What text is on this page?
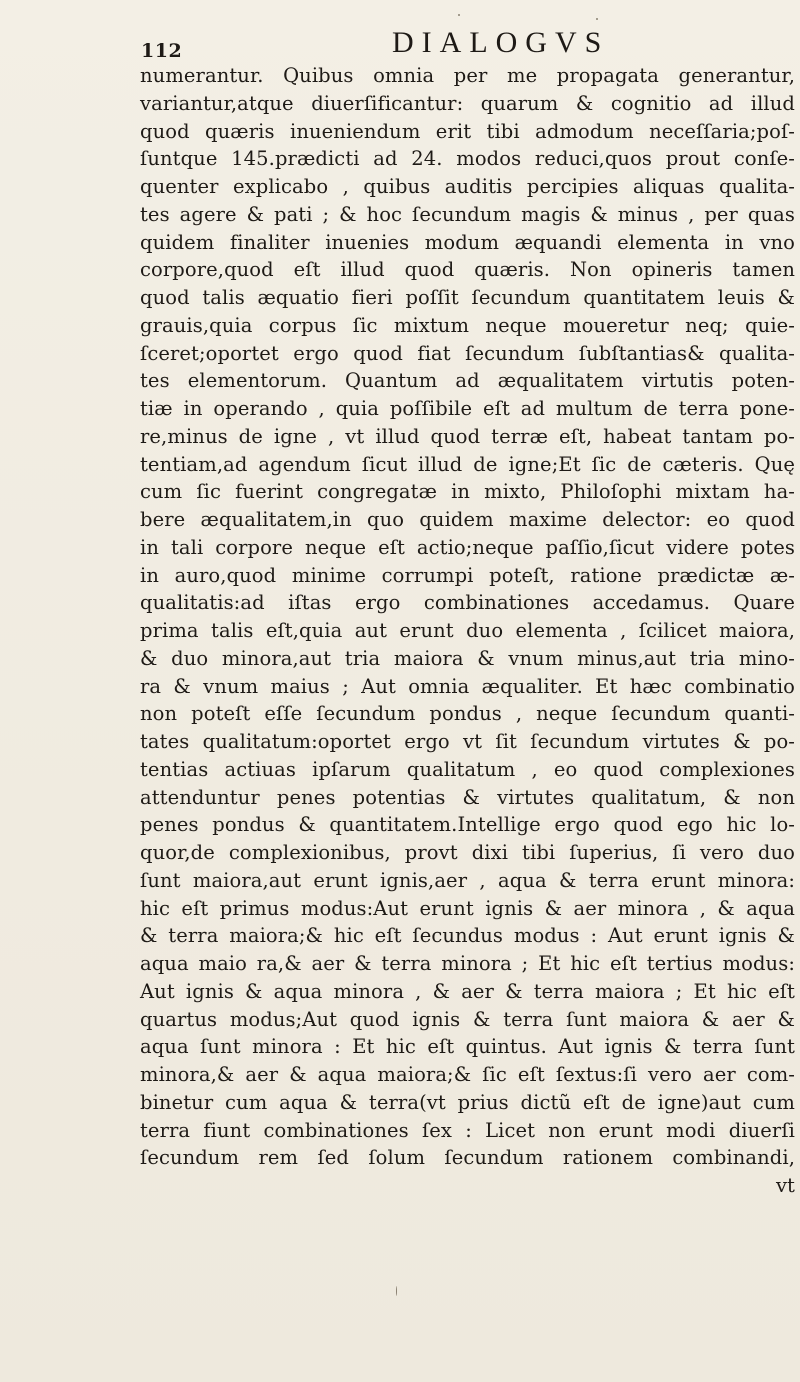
112	DIALOGVS
numerantur. Quibus omnia per me propagata generantur,
variantur,atque diuerſificantur: quarum & cognitio ad illud
quod quæris inueniendum erit tibi admodum neceſſaria;poſ-
ſuntque 145.prædicti ad 24. modos reduci,quos prout conſe-
quenter explicabo , quibus auditis percipies aliquas qualita-
tes agere & pati ; & hoc ſecundum magis & minus , per quas
quidem finaliter inuenies modum æquandi elementa in vno
corpore,quod eſt illud quod quæris. Non opineris tamen
quod talis æquatio fieri poſſit ſecundum quantitatem leuis &
grauis,quia corpus ſic mixtum neque moueretur neq; quie-
ſceret;oportet ergo quod fiat ſecundum ſubſtantias& qualita-
tes elementorum. Quantum ad æqualitatem virtutis poten-
tiæ in operando , quia poſſibile eſt ad multum de terra pone-
re,minus de igne , vt illud quod terræ eſt, habeat tantam po-
tentiam,ad agendum ſicut illud de igne;Et ſic de cæteris. Quę
cum ſic fuerint congregatæ in mixto, Philoſophi mixtam ha-
bere æqualitatem,in quo quidem maxime delector: eo quod
in tali corpore neque eſt actio;neque paſſio,ſicut videre potes
in auro,quod minime corrumpi poteſt, ratione prædictæ æ-
qualitatis:ad iſtas ergo combinationes accedamus. Quare
prima talis eſt,quia aut erunt duo elementa , ſcilicet maiora,
& duo minora,aut tria maiora & vnum minus,aut tria mino-
ra & vnum maius ; Aut omnia æqualiter. Et hæc combinatio
non poteſt eſſe ſecundum pondus , neque ſecundum quanti-
tates qualitatum:oportet ergo vt ſit ſecundum virtutes & po-
tentias actiuas ipſarum qualitatum , eo quod complexiones
attenduntur penes potentias & virtutes qualitatum, & non
penes pondus & quantitatem.Intellige ergo quod ego hic lo-
quor,de complexionibus, provt dixi tibi ſuperius, ſi vero duo
ſunt maiora,aut erunt ignis,aer , aqua & terra erunt minora:
hic eſt primus modus:Aut erunt ignis & aer minora , & aqua
& terra maiora;& hic eſt ſecundus modus : Aut erunt ignis &
aqua maio ra,& aer & terra minora ; Et hic eſt tertius modus:
Aut ignis & aqua minora , & aer & terra maiora ; Et hic eſt
quartus modus;Aut quod ignis & terra ſunt maiora & aer &
aqua ſunt minora : Et hic eſt quintus. Aut ignis & terra ſunt
minora,& aer & aqua maiora;& ſic eſt ſextus:ſi vero aer com-
binetur cum aqua & terra(vt prius dictũ eſt de igne)aut cum
terra fiunt combinationes ſex : Licet non erunt modi diuerſi
ſecundum rem ſed ſolum ſecundum rationem combinandi,
vt
